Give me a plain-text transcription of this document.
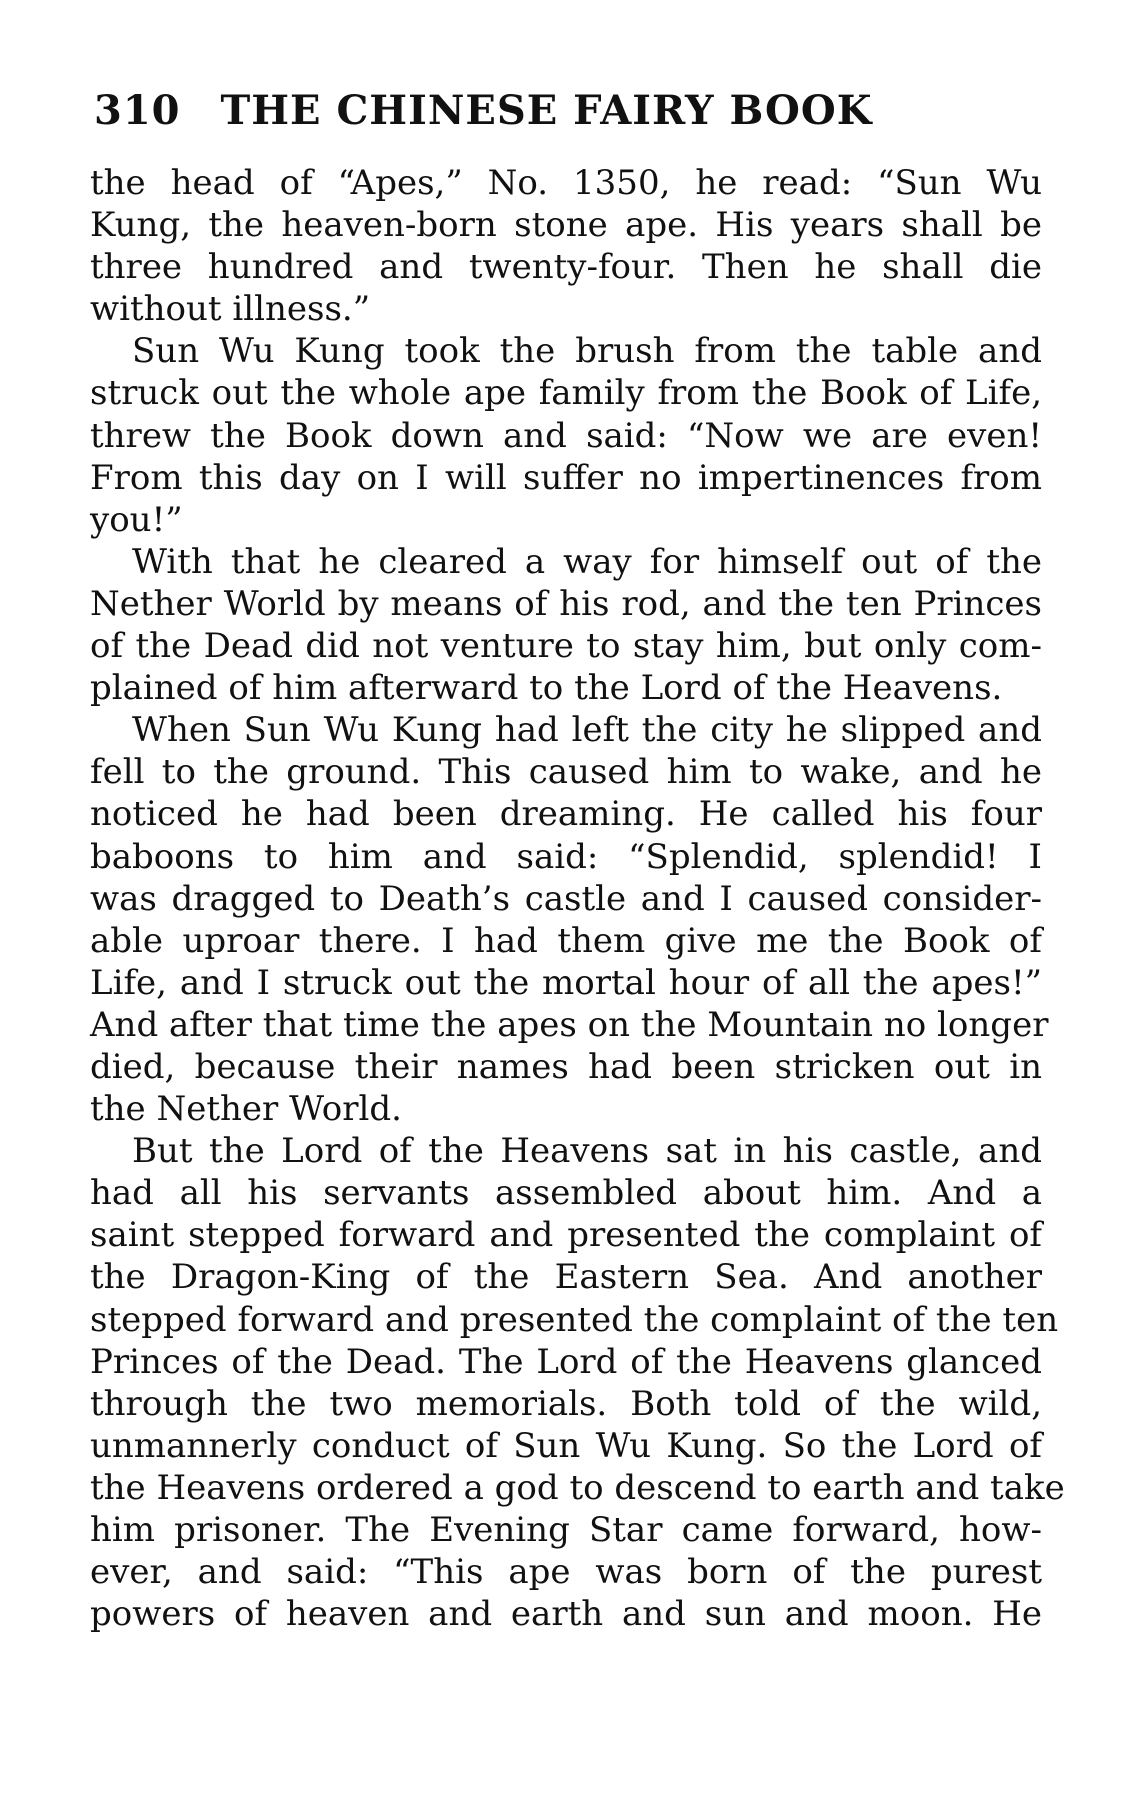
310 THE CHINESE FAIRY BOOK
the head of “Apes,” No. 1350, he read: “Sun Wu
Kung, the heaven-born stone ape. His years shall be
three hundred and twenty-four. Then he shall die
without illness.”
Sun Wu Kung took the brush from the table and
struck out the whole ape family from the Book of Life,
threw the Book down and said: “Now we are even!
From this day on I will suffer no impertinences from
you!”
With that he cleared a way for himself out of the
Nether World by means of his rod, and the ten Princes
of the Dead did not venture to stay him, but only com-
plained of him afterward to the Lord of the Heavens.
When Sun Wu Kung had left the city he slipped and
fell to the ground. This caused him to wake, and he
noticed he had been dreaming. He called his four
baboons to him and said: “Splendid, splendid! I
was dragged to Death’s castle and I caused consider-
able uproar there. I had them give me the Book of
Life, and I struck out the mortal hour of all the apes!”
And after that time the apes on the Mountain no longer
died, because their names had been stricken out in
the Nether World.
But the Lord of the Heavens sat in his castle, and
had all his servants assembled about him. And a
saint stepped forward and presented the complaint of
the Dragon-King of the Eastern Sea. And another
stepped forward and presented the complaint of the ten
Princes of the Dead. The Lord of the Heavens glanced
through the two memorials. Both told of the wild,
unmannerly conduct of Sun Wu Kung. So the Lord of
the Heavens ordered a god to descend to earth and take
him prisoner. The Evening Star came forward, how-
ever, and said: “This ape was born of the purest
powers of heaven and earth and sun and moon. He
